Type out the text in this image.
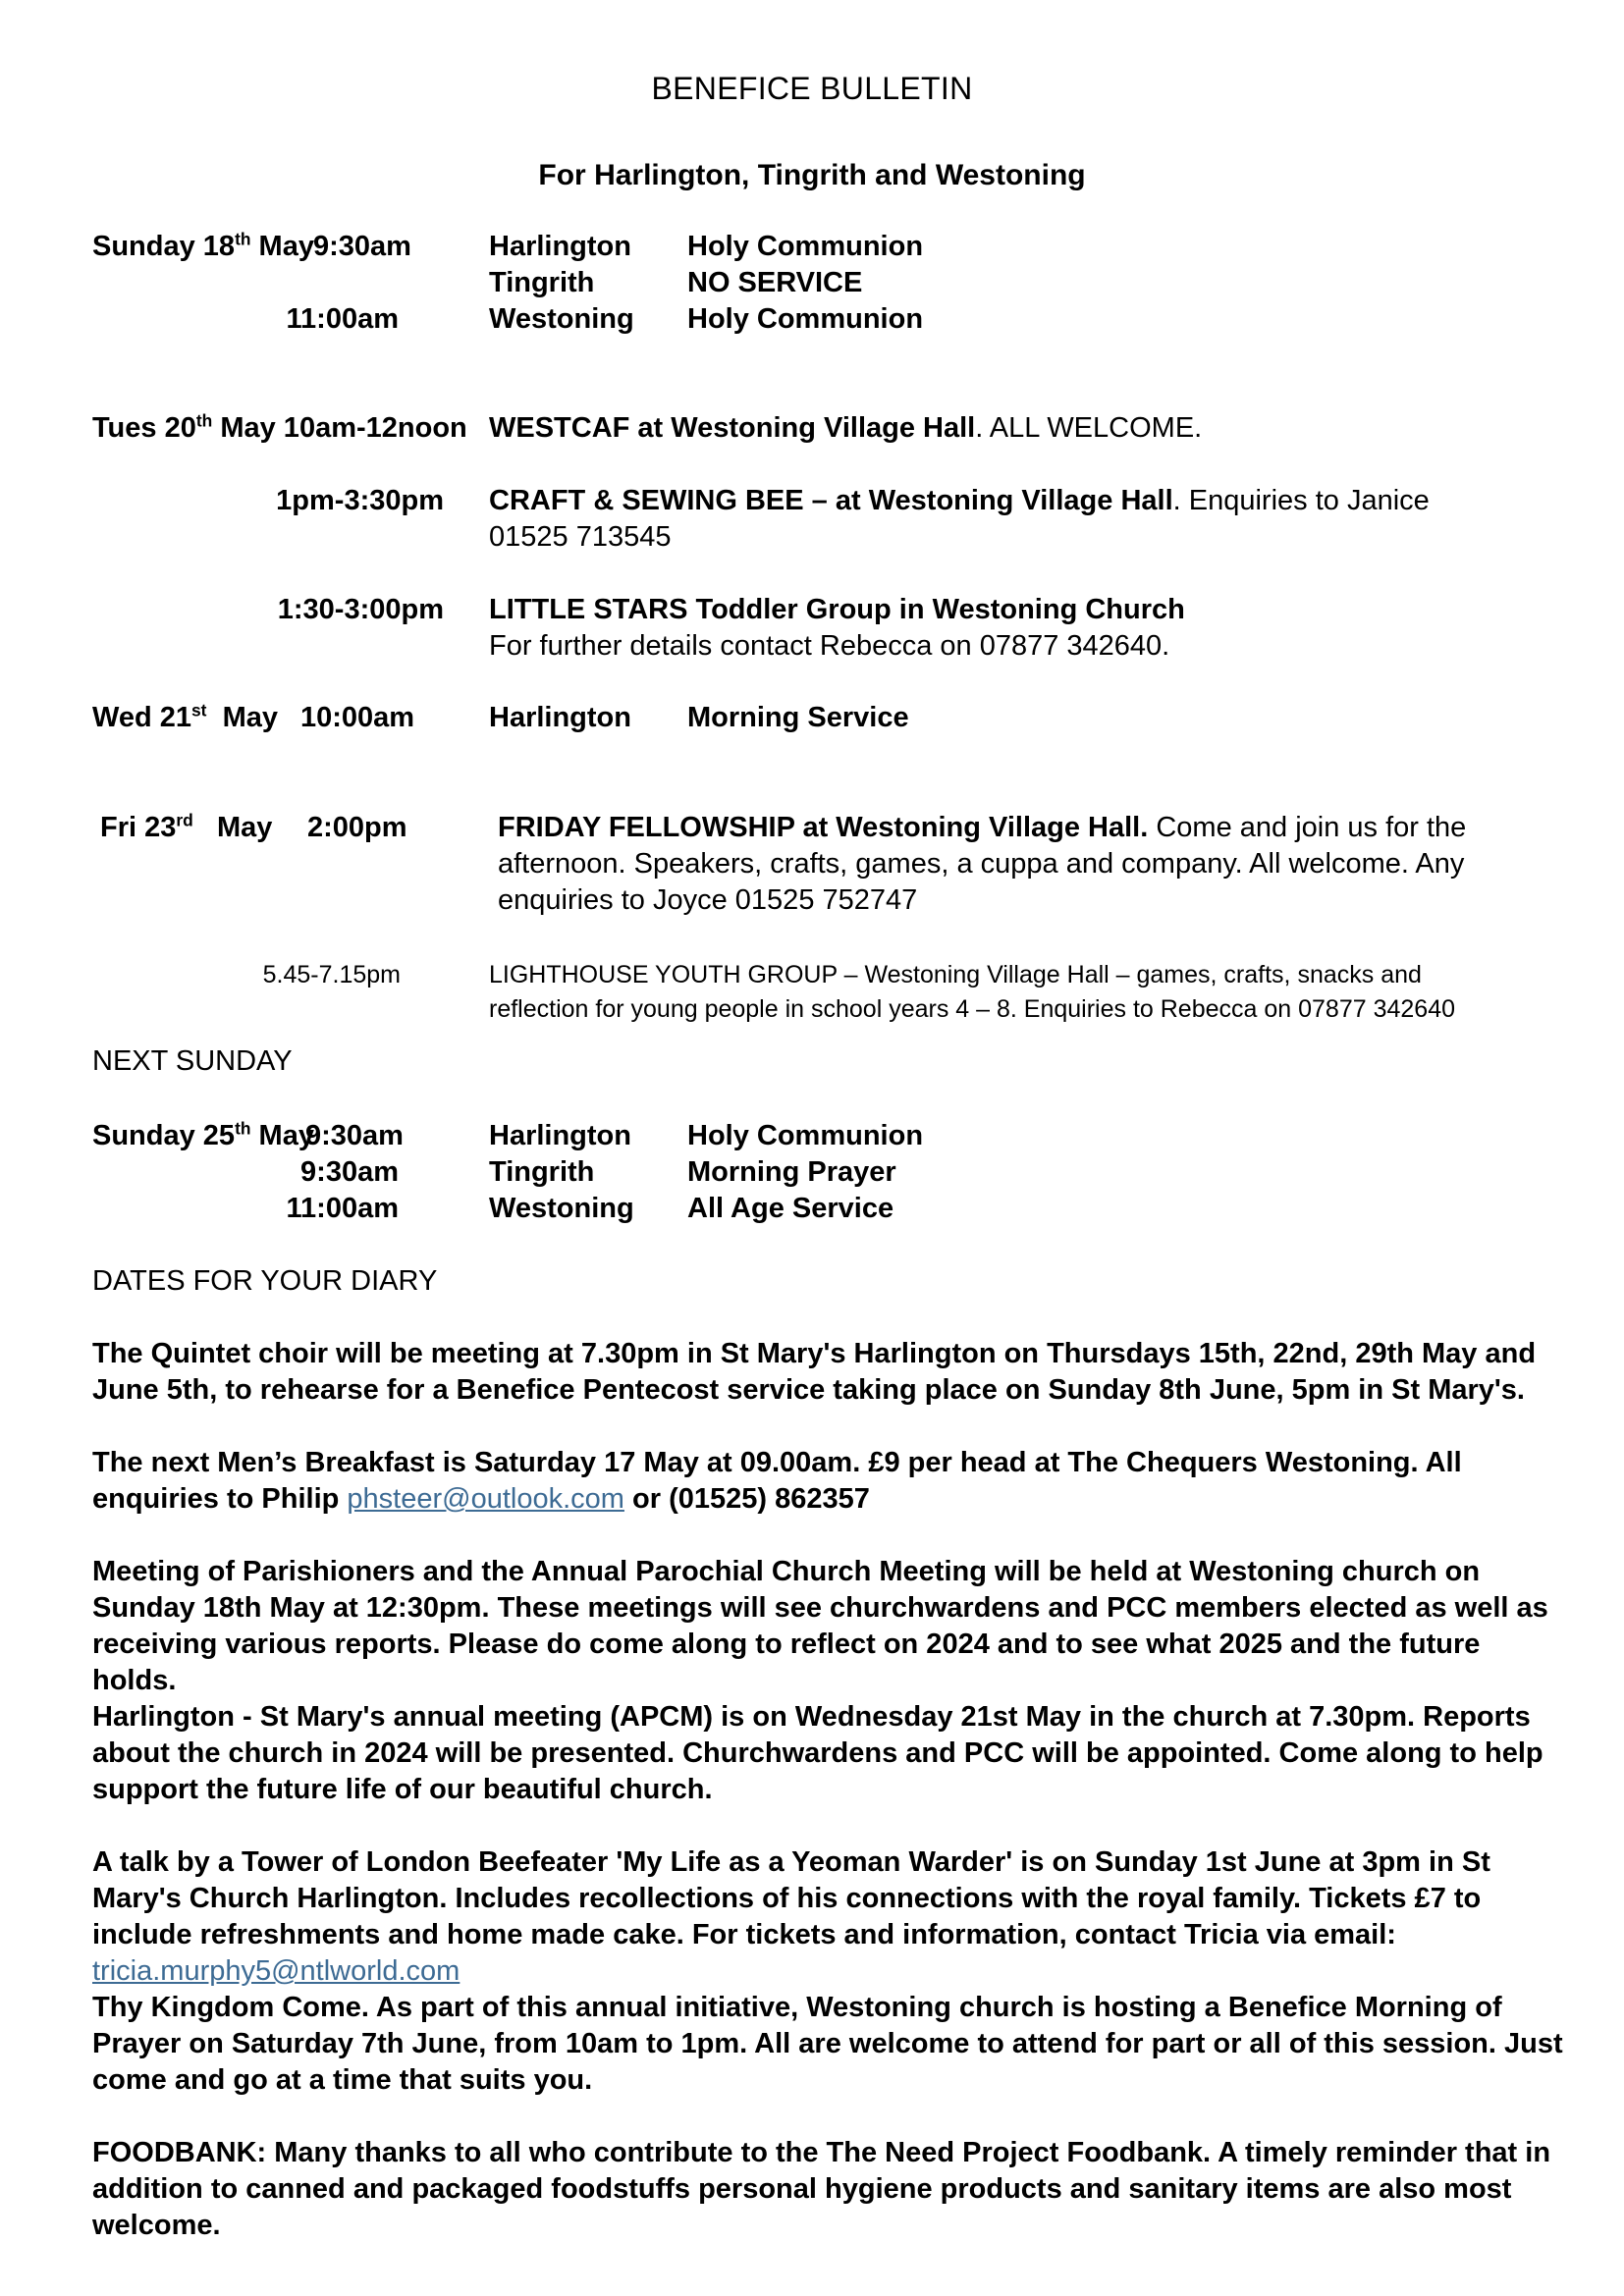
BENEFICE BULLETIN
For Harlington, Tingrith and Westoning
Sunday 18th May 9:30am	Harlington Holy Communion
Tingrith	NO SERVICE
11:00am	Westoning Holy Communion
Tues 20th May 10am-12noon WESTCAF at Westoning Village Hall. ALL WELCOME.
1pm-3:30pm CRAFT & SEWING BEE – at Westoning Village Hall. Enquiries to Janice
01525 713545
1:30-3:00pm LITTLE STARS Toddler Group in Westoning Church
For further details contact Rebecca on 07877 342640.
Wed 21st  May 10:00am	Harlington Morning Service
Fri 23rd   May 2:00pm	FRIDAY FELLOWSHIP at Westoning Village Hall. Come and join us for the
afternoon. Speakers, crafts, games, a cuppa and company. All welcome. Any
enquiries to Joyce 01525 752747
5.45-7.15pm	LIGHTHOUSE YOUTH GROUP – Westoning Village Hall – games, crafts, snacks and
reflection for young people in school years 4 – 8. Enquiries to Rebecca on 07877 342640
NEXT SUNDAY
Sunday 25th May
9:30am	Harlington Holy Communion
9:30am	Tingrith	Morning Prayer
11:00am	Westoning All Age Service
DATES FOR YOUR DIARY
The Quintet choir will be meeting at 7.30pm in St Mary's Harlington on Thursdays 15th, 22nd, 29th May and June 5th, to rehearse for a Benefice Pentecost service taking place on Sunday 8th June, 5pm in St Mary's.
The next Men’s Breakfast is Saturday 17 May at 09.00am. £9 per head at The Chequers Westoning. All enquiries to Philip phsteer@outlook.com or (01525) 862357
Meeting of Parishioners and the Annual Parochial Church Meeting will be held at Westoning church on Sunday 18th May at 12:30pm. These meetings will see churchwardens and PCC members elected as well as receiving various reports. Please do come along to reflect on 2024 and to see what 2025 and the future holds.
Harlington - St Mary's annual meeting (APCM) is on Wednesday 21st May in the church at 7.30pm. Reports about the church in 2024 will be presented. Churchwardens and PCC will be appointed. Come along to help support the future life of our beautiful church.
A talk by a Tower of London Beefeater 'My Life as a Yeoman Warder' is on Sunday 1st June at 3pm in St Mary's Church Harlington. Includes recollections of his connections with the royal family. Tickets £7 to include refreshments and home made cake. For tickets and information, contact Tricia via email: tricia.murphy5@ntlworld.com
Thy Kingdom Come. As part of this annual initiative, Westoning church is hosting a Benefice Morning of Prayer on Saturday 7th June, from 10am to 1pm. All are welcome to attend for part or all of this session. Just come and go at a time that suits you.
FOODBANK: Many thanks to all who contribute to the The Need Project Foodbank. A timely reminder that in addition to canned and packaged foodstuffs personal hygiene products and sanitary items are also most welcome.
